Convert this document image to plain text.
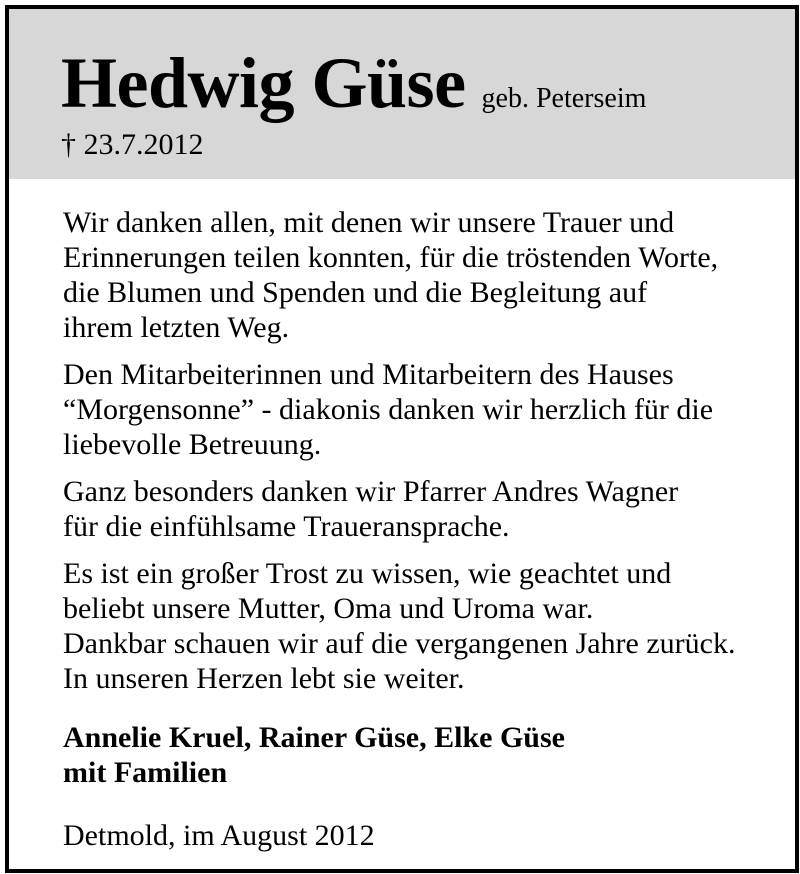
Hedwig Güse geb. Peterseim
† 23.7.2012

Wir danken allen, mit denen wir unsere Trauer und
Erinnerungen teilen konnten, für die tröstenden Worte,
die Blumen und Spenden und die Begleitung auf
ihrem letzten Weg.

Den Mitarbeiterinnen und Mitarbeitern des Hauses
“Morgensonne” - diakonis danken wir herzlich für die
liebevolle Betreuung.

Ganz besonders danken wir Pfarrer Andres Wagner
für die einfühlsame Traueransprache.

Es ist ein großer Trost zu wissen, wie geachtet und
beliebt unsere Mutter, Oma und Uroma war.
Dankbar schauen wir auf die vergangenen Jahre zurück.
In unseren Herzen lebt sie weiter.

Annelie Kruel, Rainer Güse, Elke Güse
mit Familien
Detmold, im August 2012
